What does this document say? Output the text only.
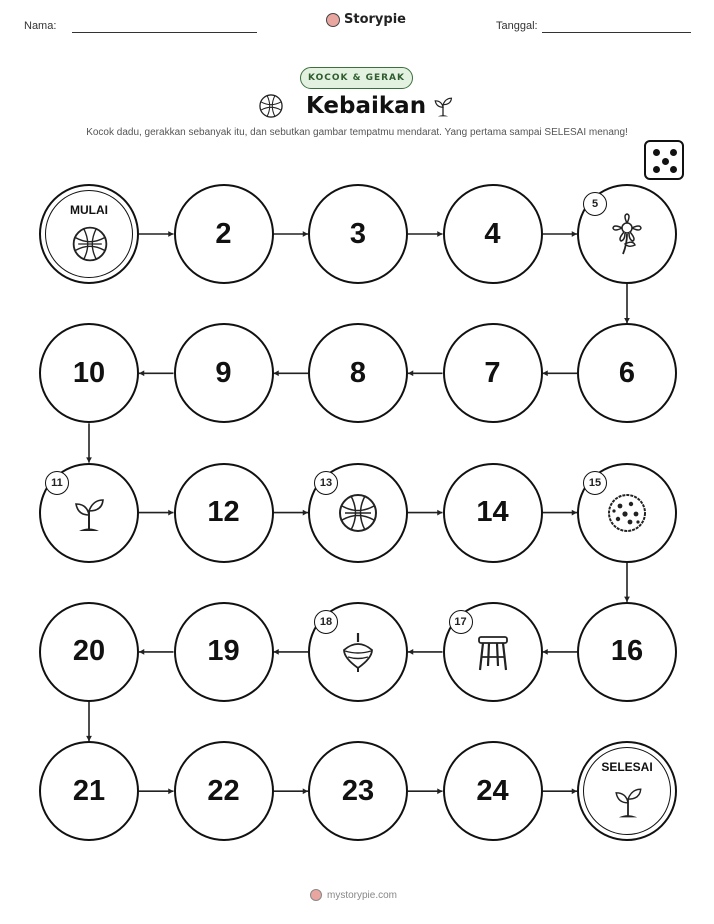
Nama:	Storypie	Tanggal:
KOCOK & GERAK
Kebaikan
Kocok dadu, gerakkan sebanyak itu, dan sebutkan gambar tempatmu mendarat. Yang pertama sampai SELESAI menang!
MULAI
2	3	4
5
6
7
8
9
10
11
12
13
14
15
16
17
18
19
20
21	22	23	24
SELESAI
mystorypie.com
